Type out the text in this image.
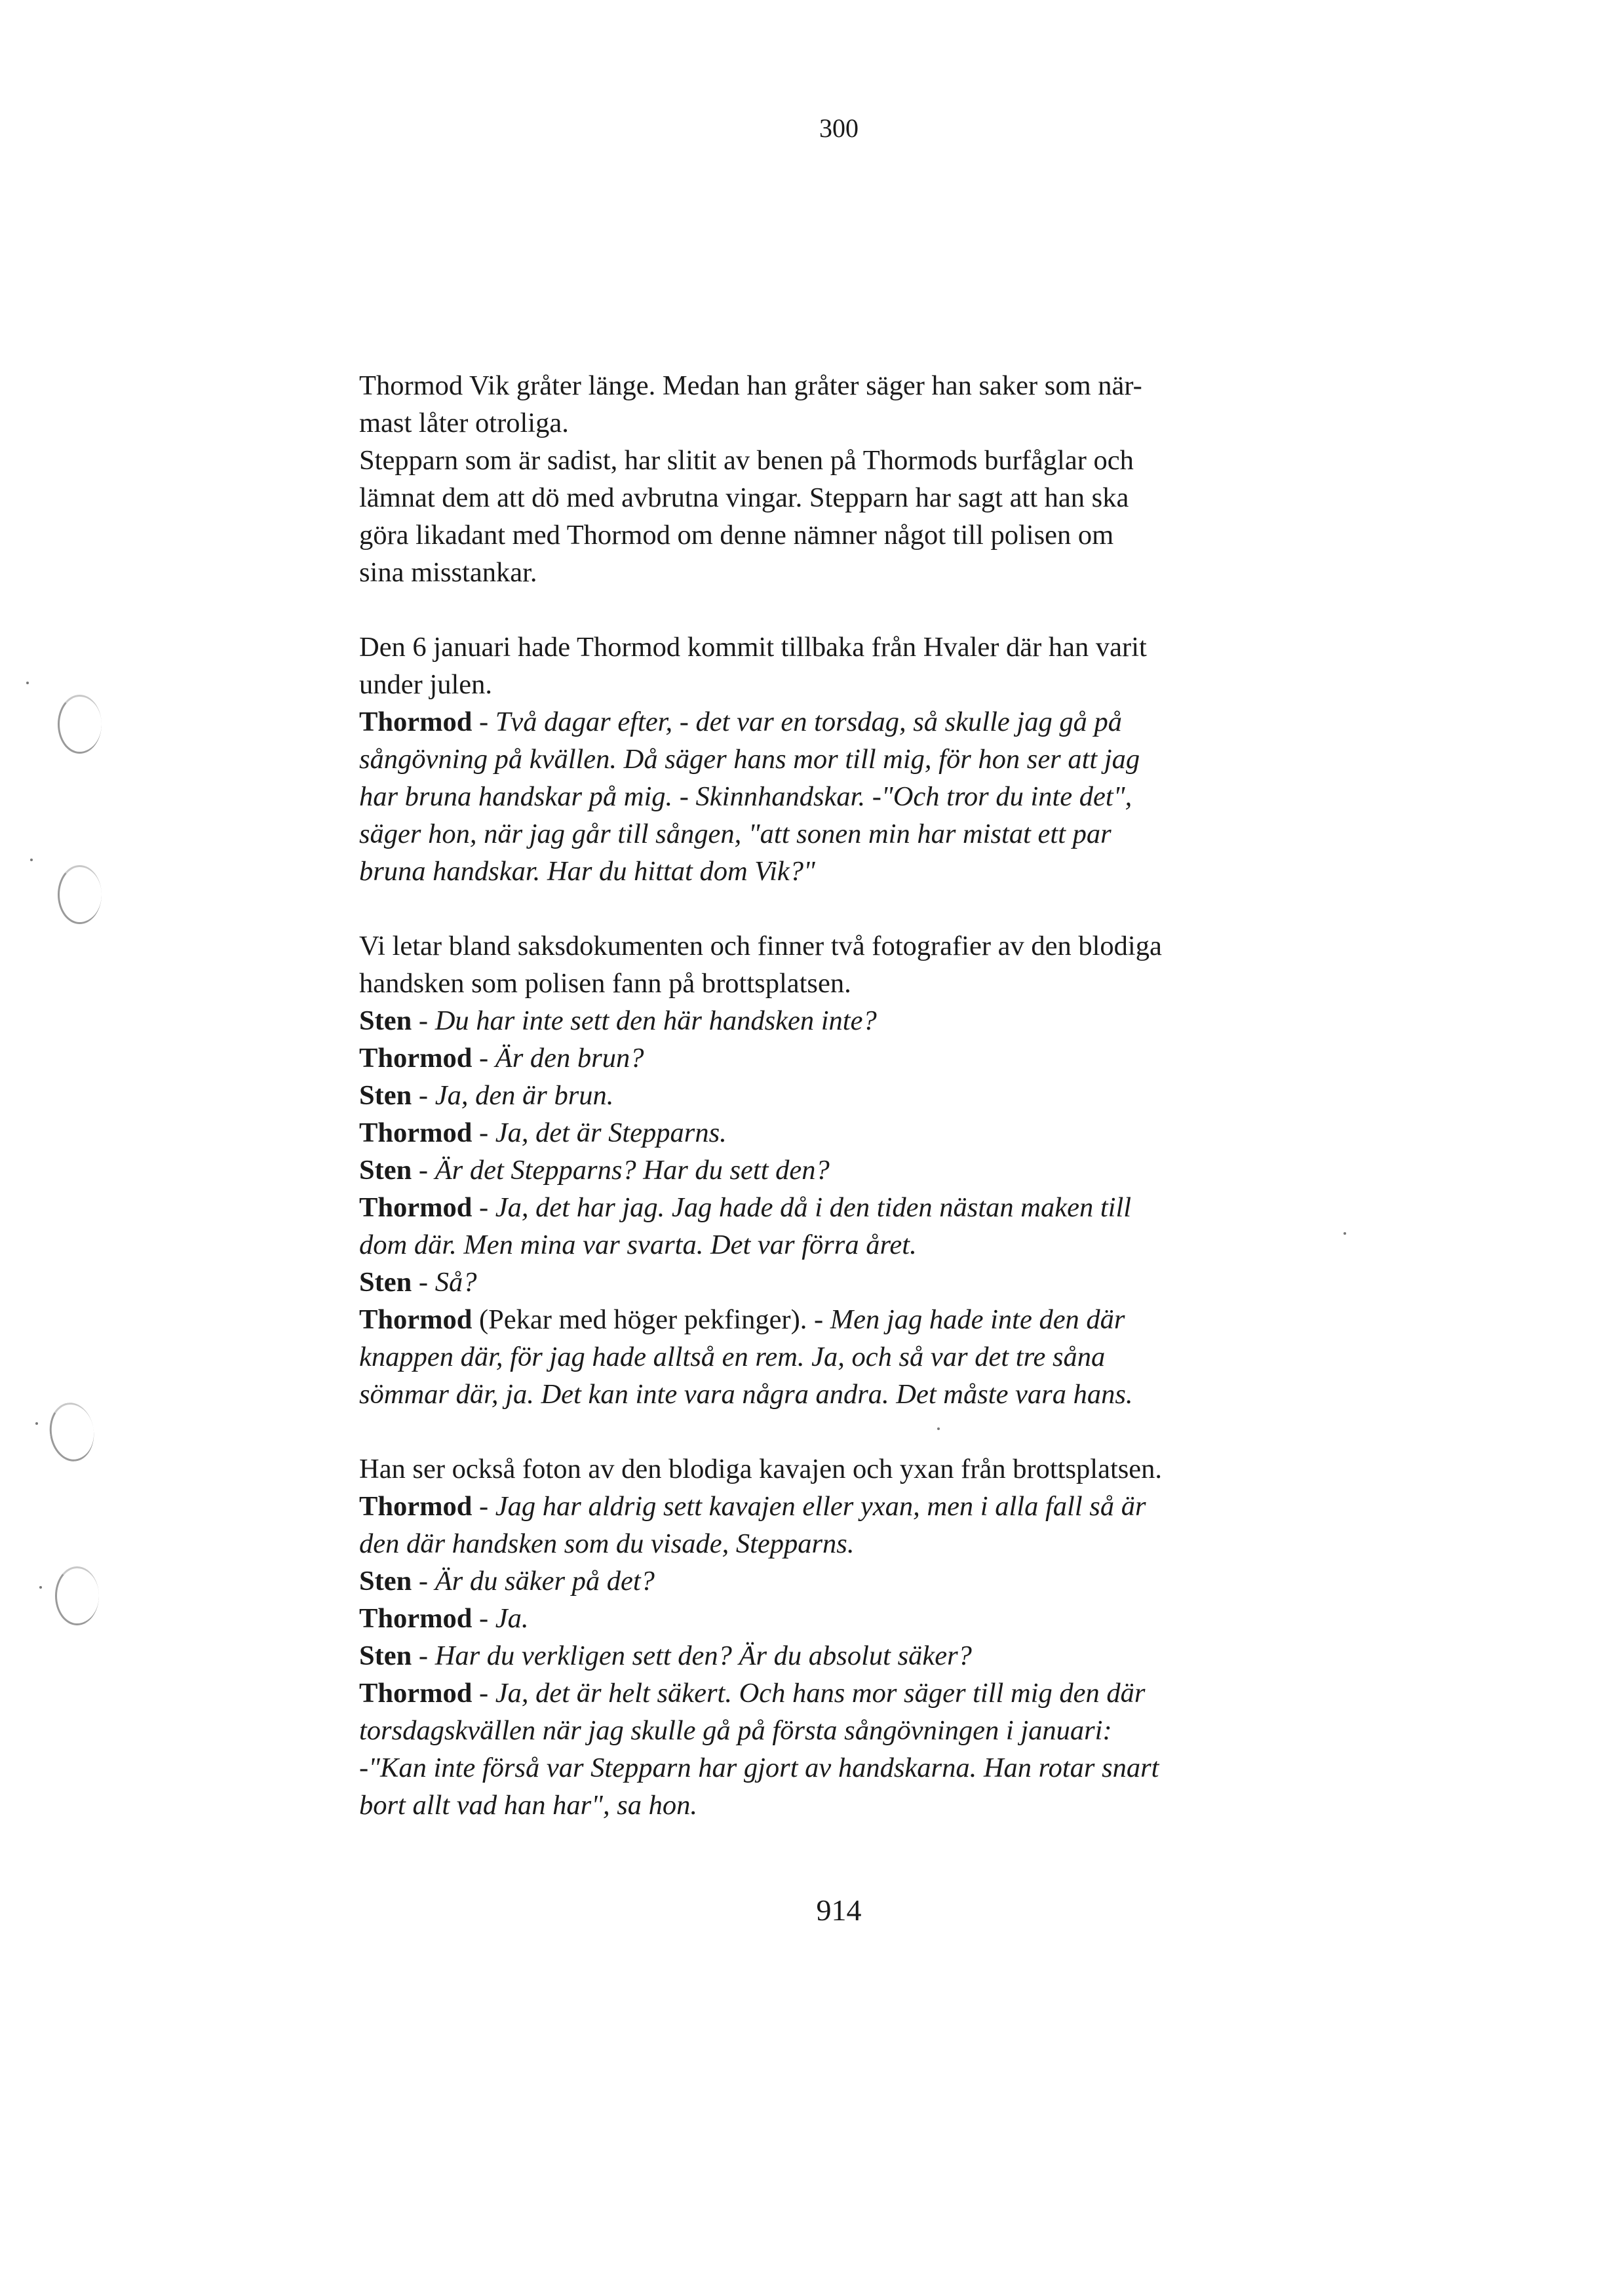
300
Thormod Vik gråter länge. Medan han gråter säger han saker som när-
mast låter otroliga.
Stepparn som är sadist, har slitit av benen på Thormods burfåglar och
lämnat dem att dö med avbrutna vingar. Stepparn har sagt att han ska
göra likadant med Thormod om denne nämner något till polisen om
sina misstankar.
Den 6 januari hade Thormod kommit tillbaka från Hvaler där han varit
under julen.
Thormod - Två dagar efter, - det var en torsdag, så skulle jag gå på
sångövning på kvällen. Då säger hans mor till mig, för hon ser att jag
har bruna handskar på mig. - Skinnhandskar. -"Och tror du inte det",
säger hon, när jag går till sången, "att sonen min har mistat ett par
bruna handskar. Har du hittat dom Vik?"
Vi letar bland saksdokumenten och finner två fotografier av den blodiga
handsken som polisen fann på brottsplatsen.
Sten - Du har inte sett den här handsken inte?
Thormod - Är den brun?
Sten - Ja, den är brun.
Thormod - Ja, det är Stepparns.
Sten - Är det Stepparns? Har du sett den?
Thormod - Ja, det har jag. Jag hade då i den tiden nästan maken till
dom där. Men mina var svarta. Det var förra året.
Sten - Så?
Thormod (Pekar med höger pekfinger). - Men jag hade inte den där
knappen där, för jag hade alltså en rem. Ja, och så var det tre såna
sömmar där, ja. Det kan inte vara några andra. Det måste vara hans.
Han ser också foton av den blodiga kavajen och yxan från brottsplatsen.
Thormod - Jag har aldrig sett kavajen eller yxan, men i alla fall så är
den där handsken som du visade, Stepparns.
Sten - Är du säker på det?
Thormod - Ja.
Sten - Har du verkligen sett den? Är du absolut säker?
Thormod - Ja, det är helt säkert. Och hans mor säger till mig den där
torsdagskvällen när jag skulle gå på första sångövningen i januari:
-"Kan inte förså var Stepparn har gjort av handskarna. Han rotar snart
bort allt vad han har", sa hon.
914
